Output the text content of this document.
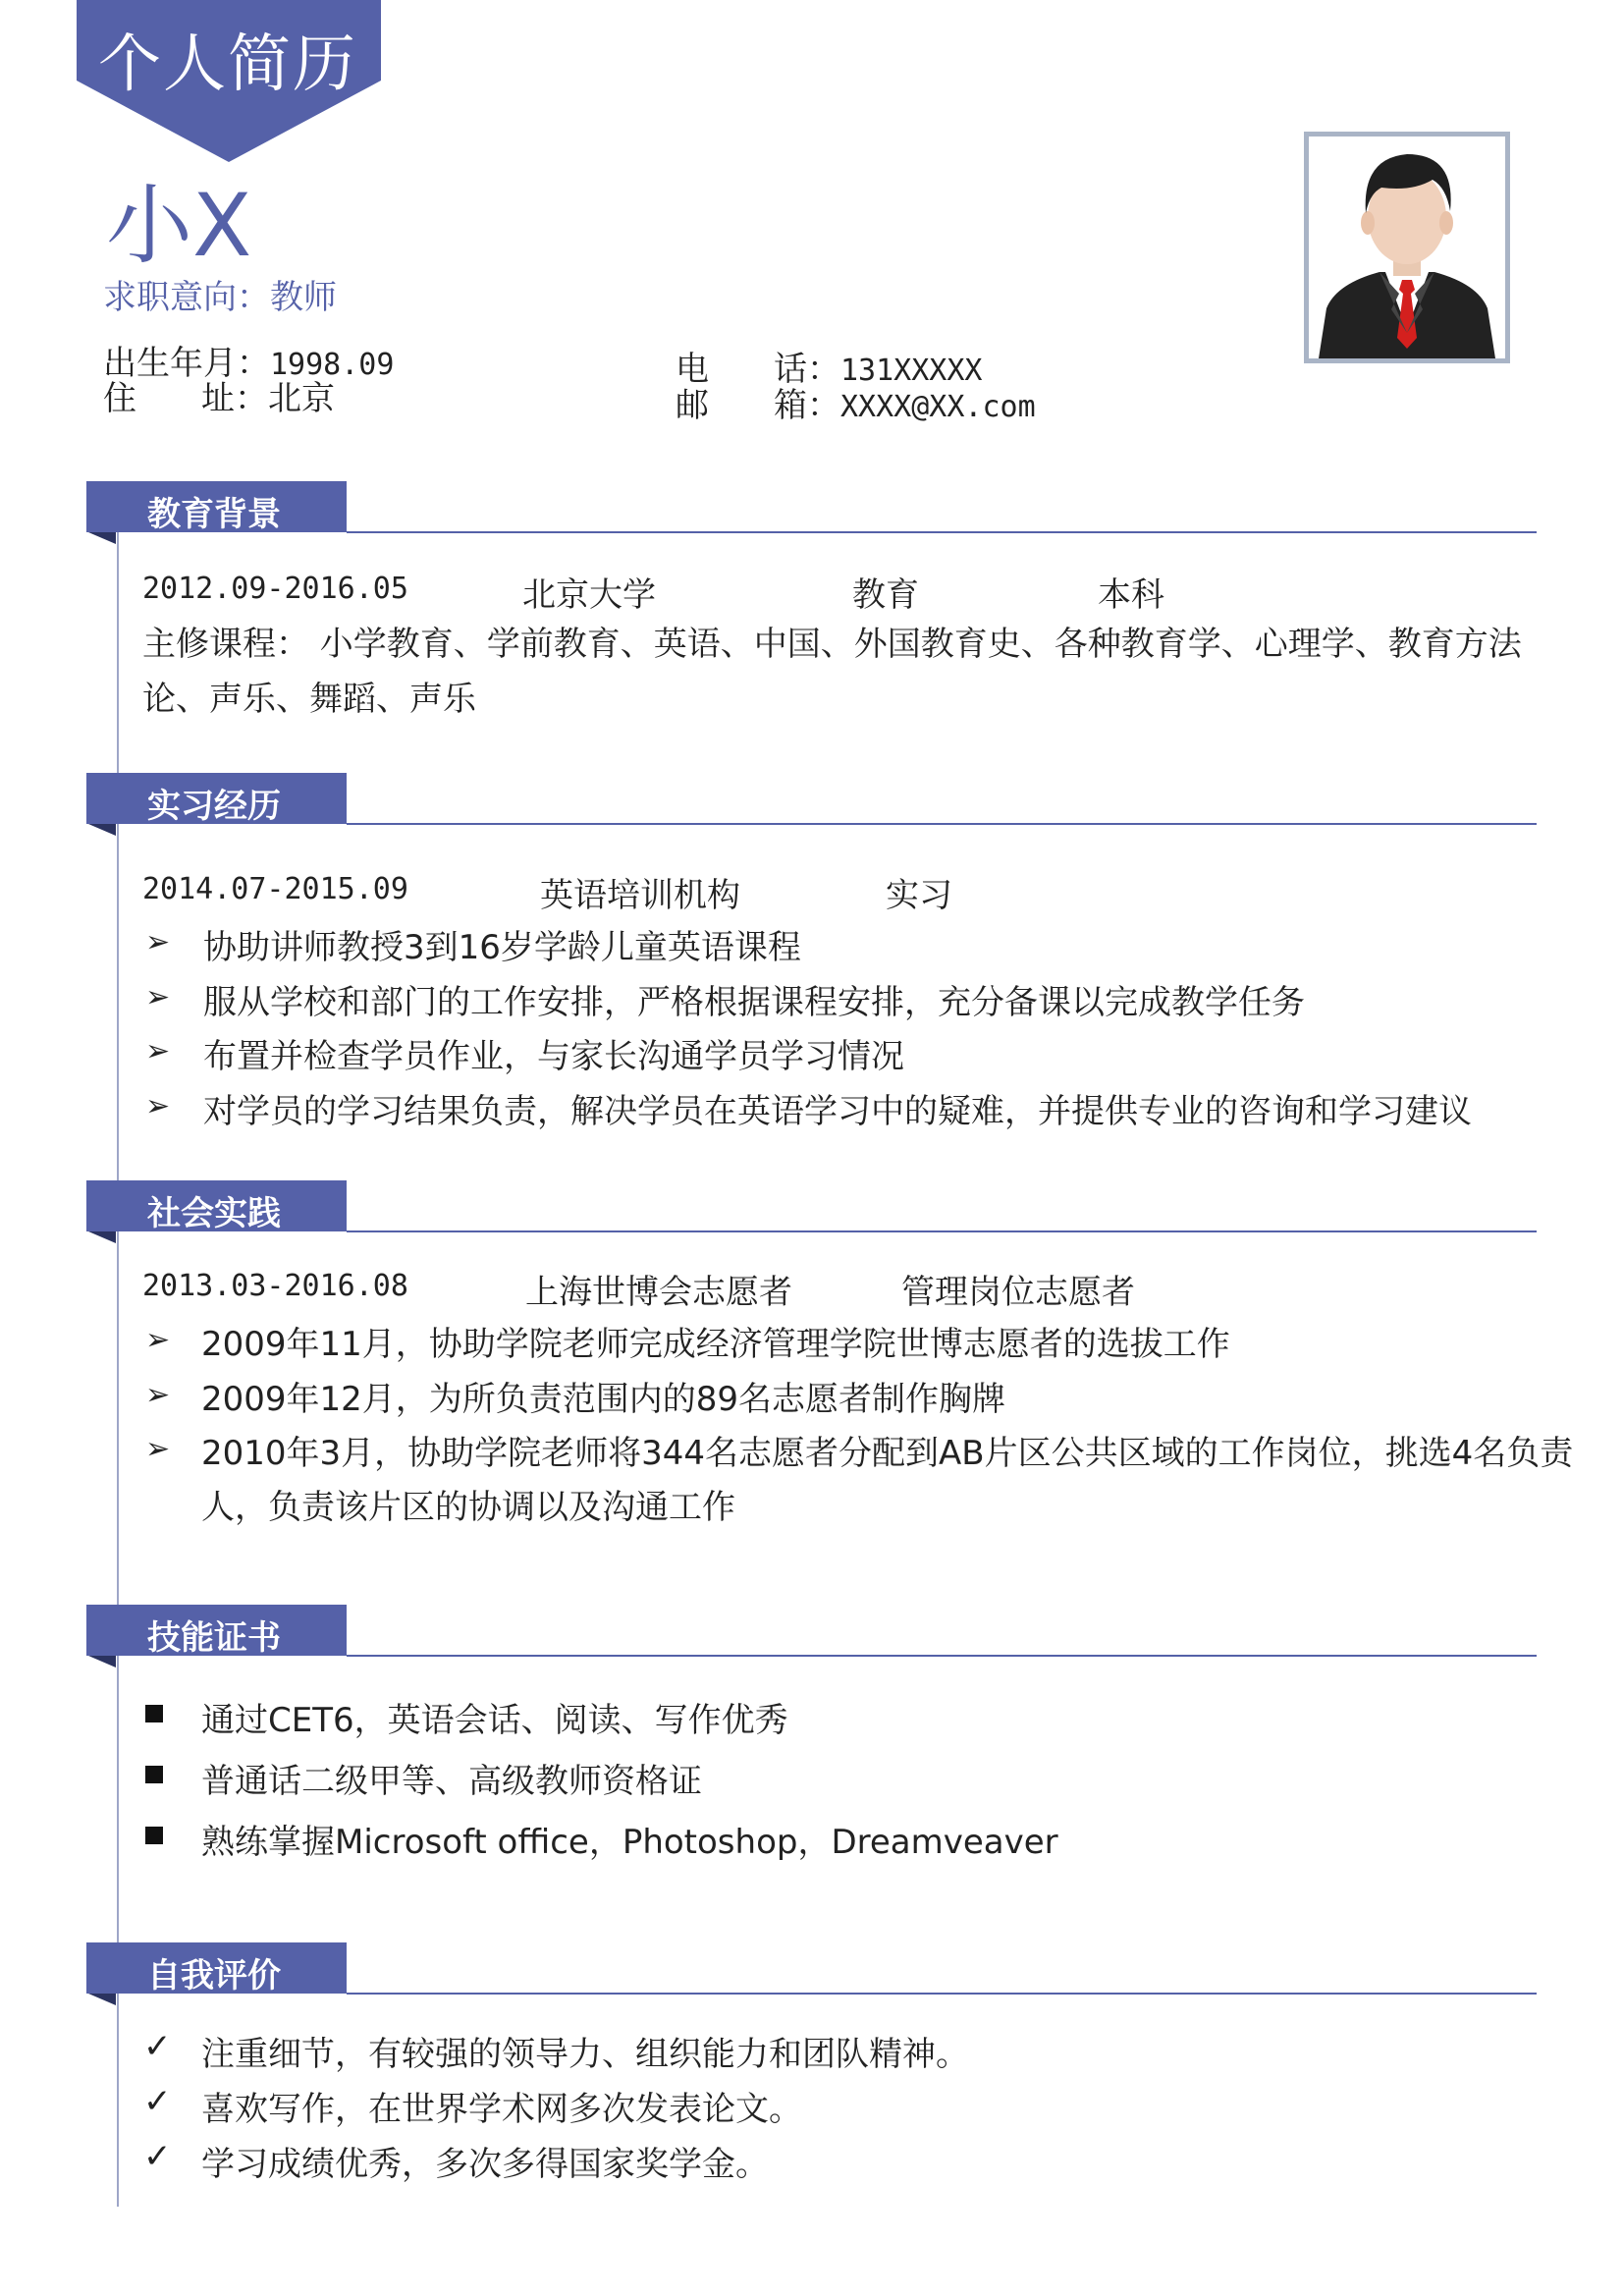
个人简历
小X
求职意向：教师
出生年月：1998.09
住 址：北京
电 话：131XXXXX
邮 箱：XXXX@XX.com
教育背景
2012.09-2016.05	北京大学	教育	本科
主修课程： 小学教育、学前教育、英语、中国、外国教育史、各种教育学、心理学、教育方法
论、声乐、舞蹈、声乐
实习经历
2014.07-2015.09	英语培训机构	实习
➢ 协助讲师教授3到16岁学龄儿童英语课程
➢ 服从学校和部门的工作安排，严格根据课程安排，充分备课以完成教学任务
➢ 布置并检查学员作业，与家长沟通学员学习情况
➢ 对学员的学习结果负责，解决学员在英语学习中的疑难，并提供专业的咨询和学习建议
社会实践
2013.03-2016.08	上海世博会志愿者	管理岗位志愿者
➢ 2009年11月，协助学院老师完成经济管理学院世博志愿者的选拔工作
➢ 2009年12月，为所负责范围内的89名志愿者制作胸牌
➢ 2010年3月，协助学院老师将344名志愿者分配到AB片区公共区域的工作岗位，挑选4名负责
人，负责该片区的协调以及沟通工作
技能证书
通过CET6，英语会话、阅读、写作优秀
普通话二级甲等、高级教师资格证
熟练掌握Microsoft office，Photoshop，Dreamveaver
自我评价
✓ 注重细节，有较强的领导力、组织能力和团队精神。
✓ 喜欢写作，在世界学术网多次发表论文。
✓ 学习成绩优秀，多次多得国家奖学金。
